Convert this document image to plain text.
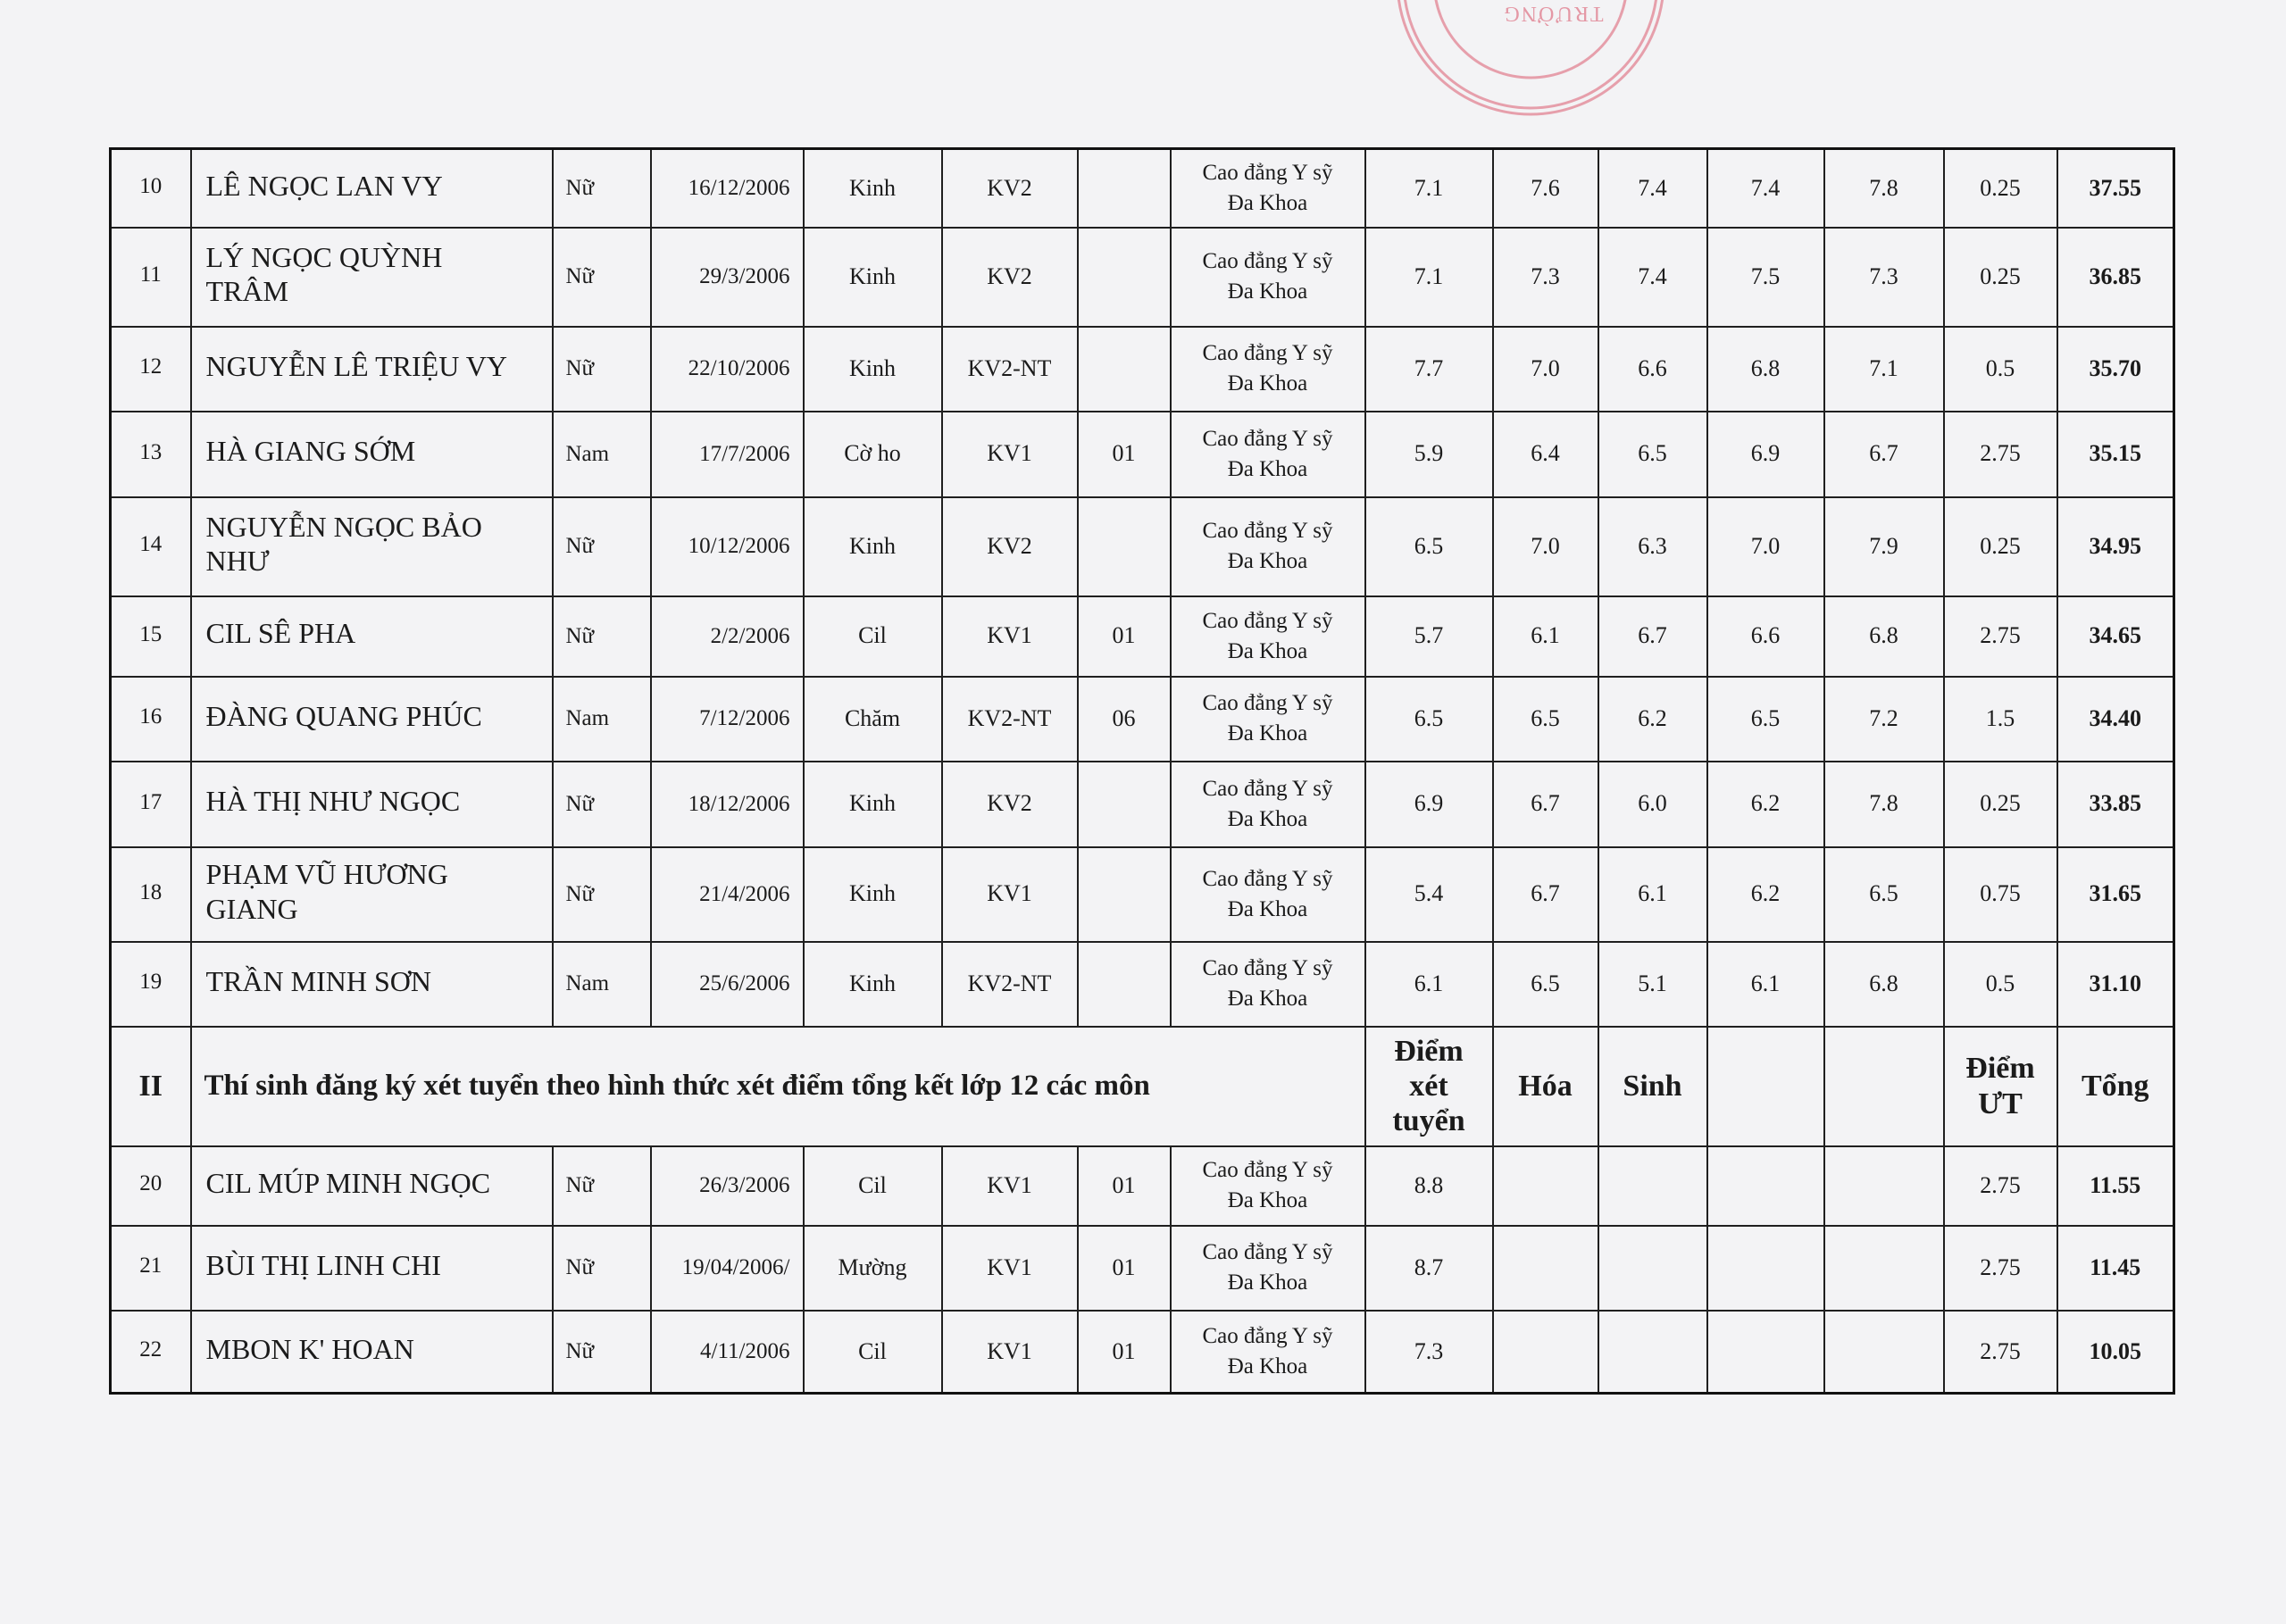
TRƯỜNG
10	LÊ NGỌC LAN VY	Nữ	16/12/2006	Kinh	KV2		Cao đẳng Y sỹ
Đa Khoa	7.1	7.6	7.4	7.4	7.8	0.25	37.55
11	LÝ NGỌC QUỲNH
TRÂM	Nữ	29/3/2006	Kinh	KV2		Cao đẳng Y sỹ
Đa Khoa	7.1	7.3	7.4	7.5	7.3	0.25	36.85
12	NGUYỄN LÊ TRIỆU VY	Nữ	22/10/2006	Kinh	KV2-NT		Cao đẳng Y sỹ
Đa Khoa	7.7	7.0	6.6	6.8	7.1	0.5	35.70
13	HÀ GIANG SỚM	Nam	17/7/2006	Cờ ho	KV1	01	Cao đẳng Y sỹ
Đa Khoa	5.9	6.4	6.5	6.9	6.7	2.75	35.15
14	NGUYỄN NGỌC BẢO
NHƯ	Nữ	10/12/2006	Kinh	KV2		Cao đẳng Y sỹ
Đa Khoa	6.5	7.0	6.3	7.0	7.9	0.25	34.95
15	CIL SÊ PHA	Nữ	2/2/2006	Cil	KV1	01	Cao đẳng Y sỹ
Đa Khoa	5.7	6.1	6.7	6.6	6.8	2.75	34.65
16	ĐÀNG QUANG PHÚC	Nam	7/12/2006	Chăm	KV2-NT	06	Cao đẳng Y sỹ
Đa Khoa	6.5	6.5	6.2	6.5	7.2	1.5	34.40
17	HÀ THỊ NHƯ NGỌC	Nữ	18/12/2006	Kinh	KV2		Cao đẳng Y sỹ
Đa Khoa	6.9	6.7	6.0	6.2	7.8	0.25	33.85
18	PHẠM VŨ HƯƠNG
GIANG	Nữ	21/4/2006	Kinh	KV1		Cao đẳng Y sỹ
Đa Khoa	5.4	6.7	6.1	6.2	6.5	0.75	31.65
19	TRẦN MINH SƠN	Nam	25/6/2006	Kinh	KV2-NT		Cao đẳng Y sỹ
Đa Khoa	6.1	6.5	5.1	6.1	6.8	0.5	31.10
II	Thí sinh đăng ký xét tuyển theo hình thức xét điểm tổng kết lớp 12 các môn							Điểm
xét
tuyển	Hóa	Sinh			Điểm
ƯT	Tổng
20	CIL MÚP MINH NGỌC	Nữ	26/3/2006	Cil	KV1	01	Cao đẳng Y sỹ
Đa Khoa	8.8					2.75	11.55
21	BÙI THỊ LINH CHI	Nữ	19/04/2006/	Mường	KV1	01	Cao đẳng Y sỹ
Đa Khoa	8.7					2.75	11.45
22	MBON K' HOAN	Nữ	4/11/2006	Cil	KV1	01	Cao đẳng Y sỹ
Đa Khoa	7.3					2.75	10.05
